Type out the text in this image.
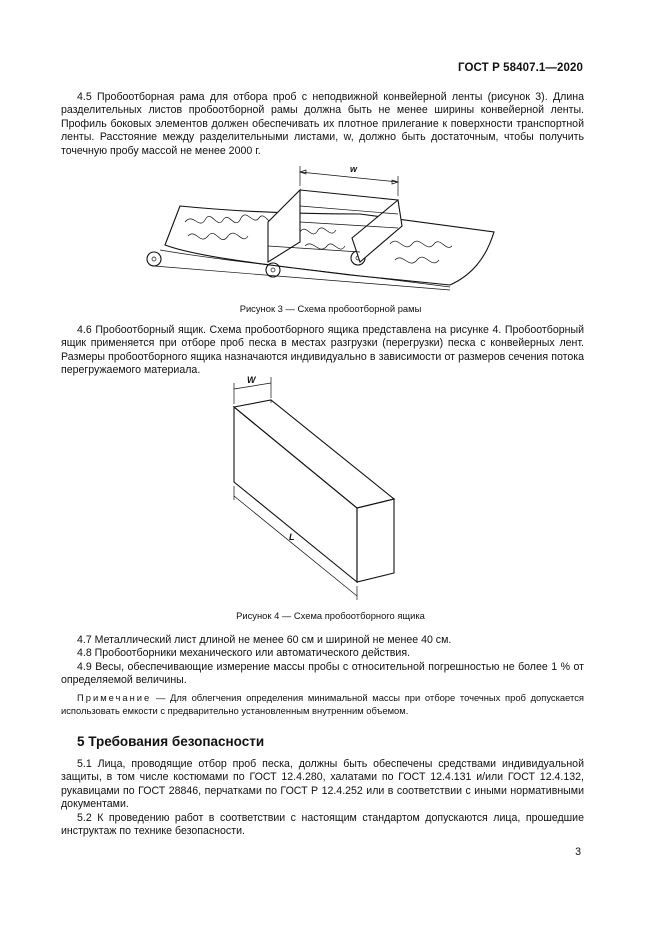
ГОСТ Р 58407.1—2020

4.5 Пробоотборная рама для отбора проб с неподвижной конвейерной ленты (рисунок 3). Длина разделительных листов пробоотборной рамы должна быть не менее ширины конвейерной ленты. Профиль боковых элементов должен обеспечивать их плотное прилегание к поверхности транспортной ленты. Расстояние между разделительными листами, w, должно быть достаточным, чтобы получить точечную пробу массой не менее 2000 г.

w
Рисунок 3 — Схема пробоотборной рамы

4.6 Пробоотборный ящик. Схема пробоотборного ящика представлена на рисунке 4. Пробоотборный ящик применяется при отборе проб песка в местах разгрузки (перегрузки) песка с конвейерных лент. Размеры пробоотборного ящика назначаются индивидуально в зависимости от размеров сечения потока перегружаемого материала.

W
L
Рисунок 4 — Схема пробоотборного ящика

4.7 Металлический лист длиной не менее 60 см и шириной не менее 40 см.

4.8 Пробоотборники механического или автоматического действия.

4.9 Весы, обеспечивающие измерение массы пробы с относительной погрешностью не более 1 % от определяемой величины.

Примечание — Для облегчения определения минимальной массы при отборе точечных проб допускается использовать емкости с предварительно установленным внутренним объемом.

5 Требования безопасности

5.1 Лица, проводящие отбор проб песка, должны быть обеспечены средствами индивидуальной защиты, в том числе костюмами по ГОСТ 12.4.280, халатами по ГОСТ 12.4.131 и/или ГОСТ 12.4.132, рукавицами по ГОСТ 28846, перчатками по ГОСТ Р 12.4.252 или в соответствии с иными нормативными документами.

5.2 К проведению работ в соответствии с настоящим стандартом допускаются лица, прошедшие инструктаж по технике безопасности.

3
